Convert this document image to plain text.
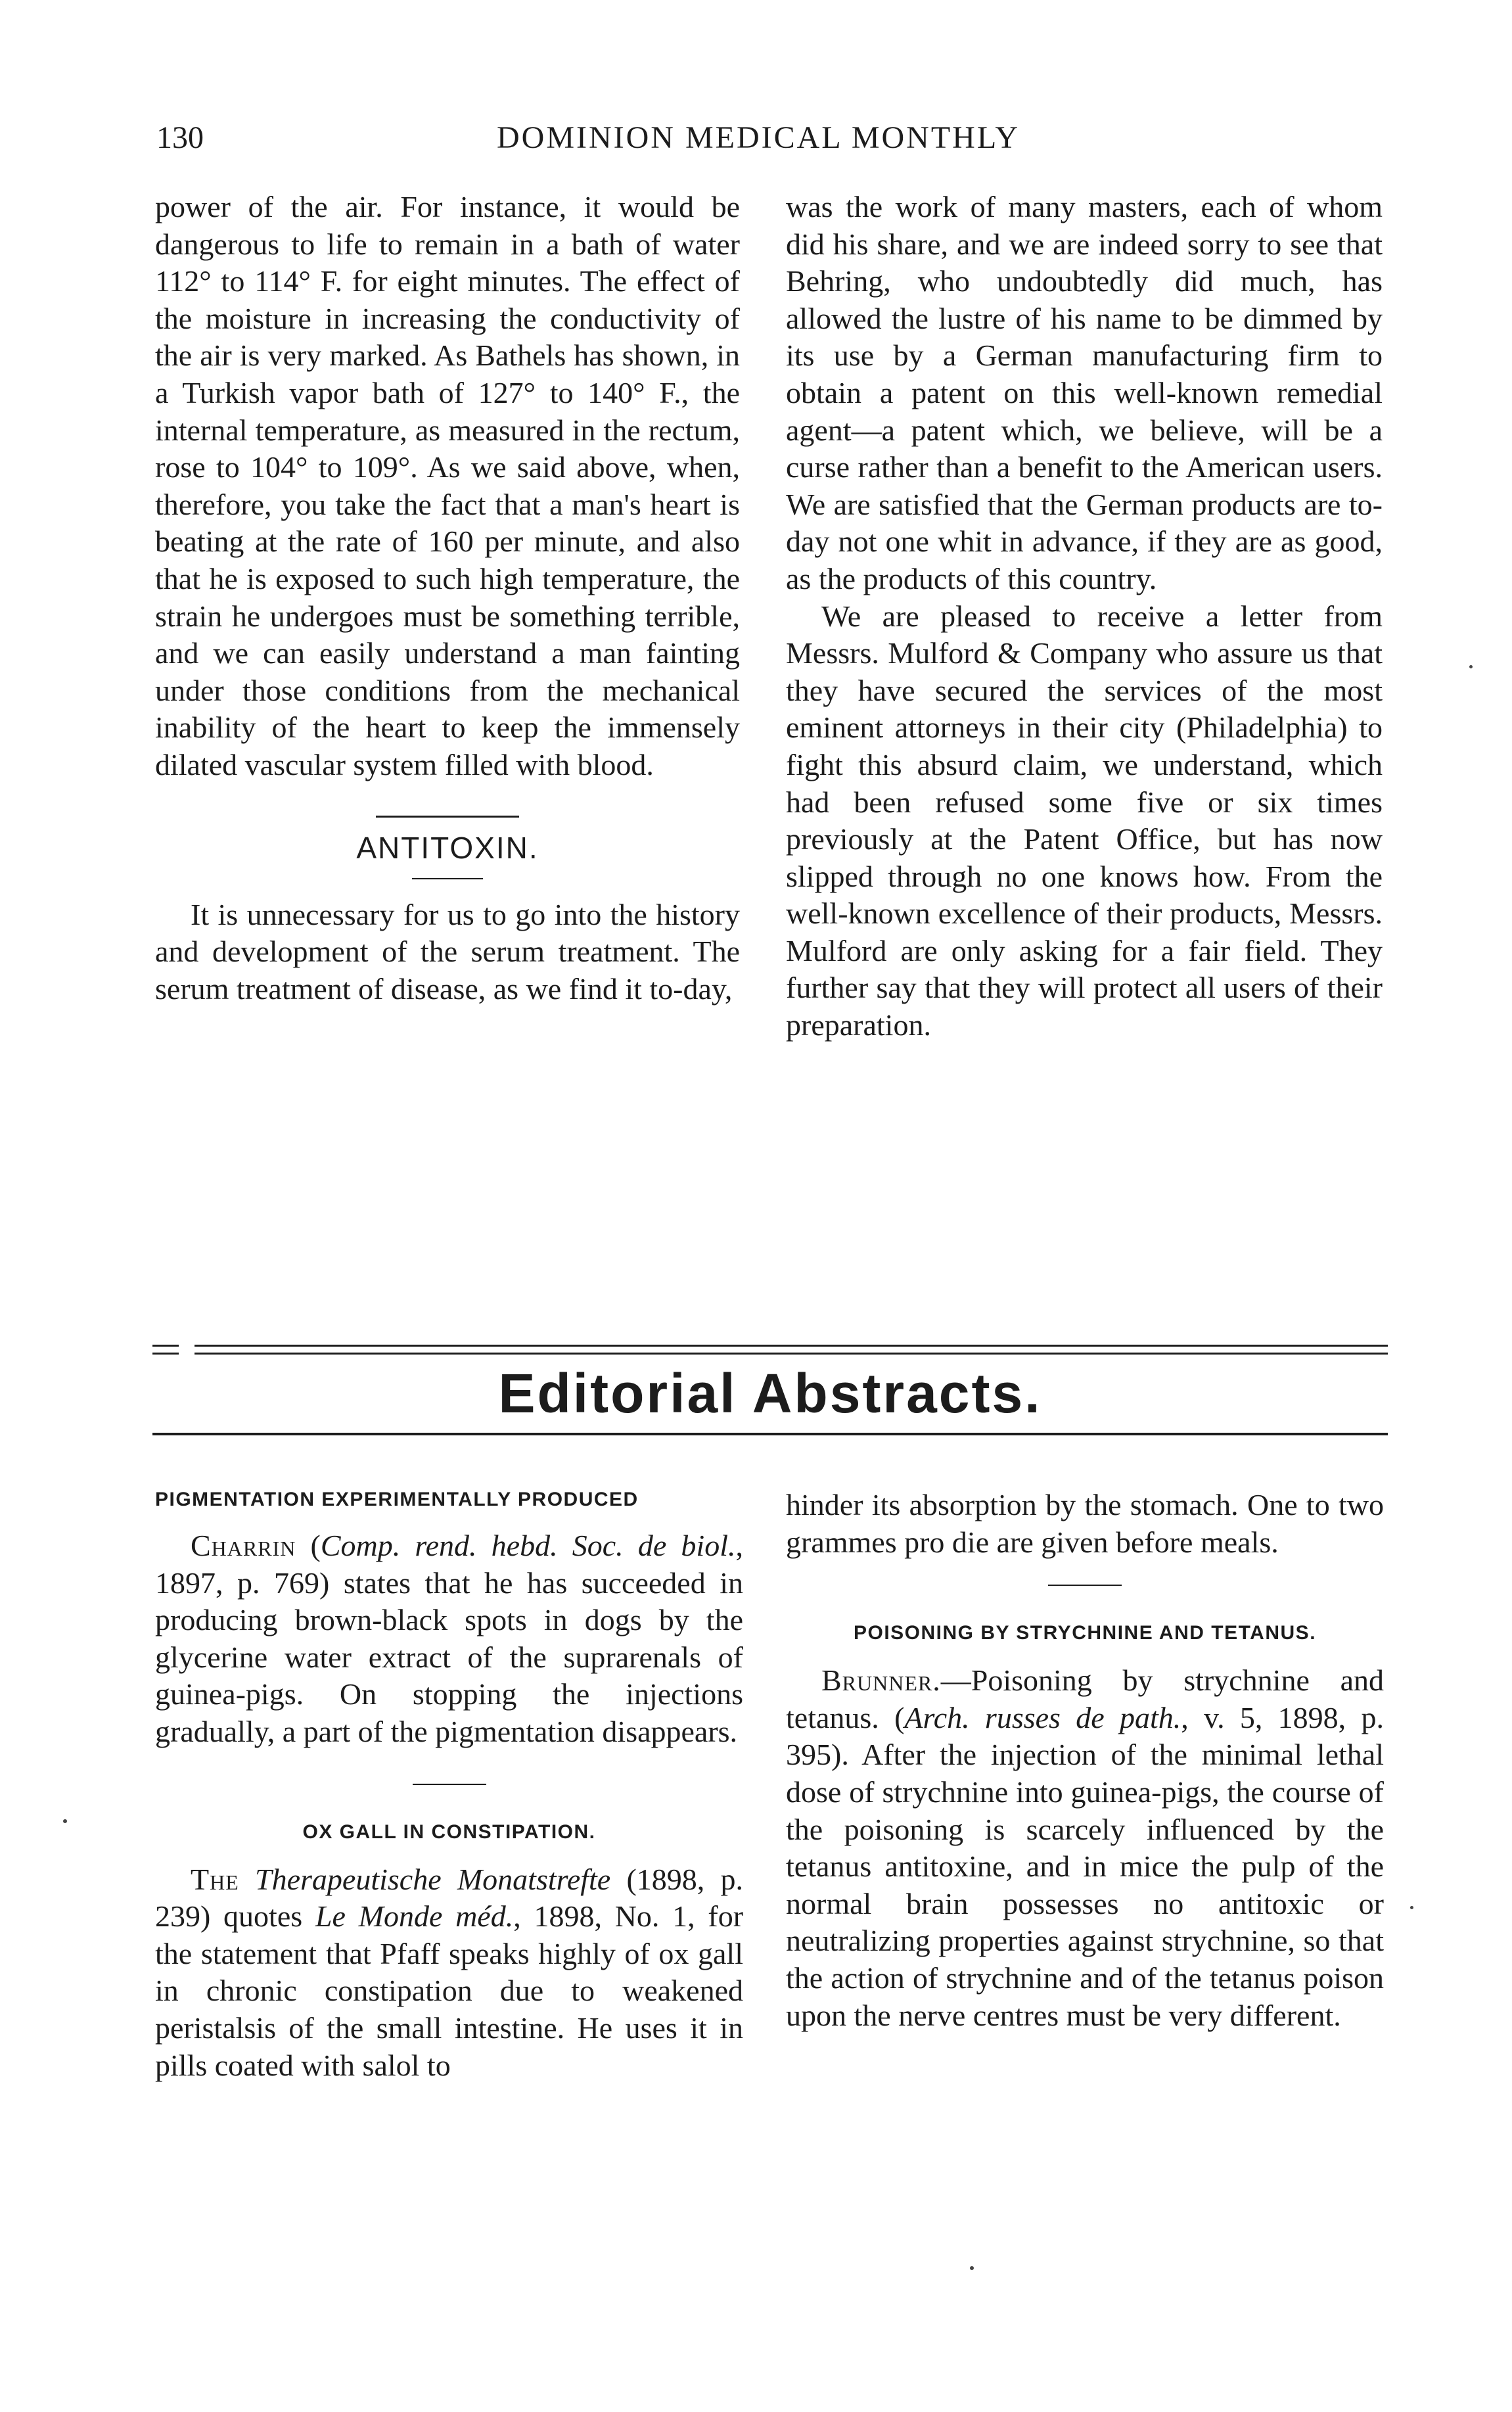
130	DOMINION MEDICAL MONTHLY

power of the air. For instance, it would be dangerous to life to remain in a bath of water 112° to 114° F. for eight minutes. The effect of the moisture in increasing the conductivity of the air is very marked. As Bathels has shown, in a Turkish vapor bath of 127° to 140° F., the internal temperature, as measured in the rectum, rose to 104° to 109°. As we said above, when, therefore, you take the fact that a man's heart is beating at the rate of 160 per minute, and also that he is exposed to such high temperature, the strain he undergoes must be something terrible, and we can easily understand a man fainting under those conditions from the mechanical inability of the heart to keep the immensely dilated vascular system filled with blood.

ANTITOXIN.

It is unnecessary for us to go into the history and development of the serum treatment. The serum treatment of disease, as we find it to-day,

was the work of many masters, each of whom did his share, and we are indeed sorry to see that Behring, who undoubtedly did much, has allowed the lustre of his name to be dimmed by its use by a German manufacturing firm to obtain a patent on this well-known remedial agent—a patent which, we believe, will be a curse rather than a benefit to the American users. We are satisfied that the German products are to-day not one whit in advance, if they are as good, as the products of this country.

We are pleased to receive a letter from Messrs. Mulford & Company who assure us that they have secured the services of the most eminent attorneys in their city (Philadelphia) to fight this absurd claim, we understand, which had been refused some five or six times previously at the Patent Office, but has now slipped through no one knows how. From the well-known excellence of their products, Messrs. Mulford are only asking for a fair field. They further say that they will protect all users of their preparation.

Editorial Abstracts.

PIGMENTATION EXPERIMENTALLY PRODUCED

Charrin (Comp. rend. hebd. Soc. de biol., 1897, p. 769) states that he has succeeded in producing brown-black spots in dogs by the glycerine water extract of the suprarenals of guinea-pigs. On stopping the injections gradually, a part of the pigmentation disappears.

OX GALL IN CONSTIPATION.

The Therapeutische Monatstrefte (1898, p. 239) quotes Le Monde méd., 1898, No. 1, for the statement that Pfaff speaks highly of ox gall in chronic constipation due to weakened peristalsis of the small intestine. He uses it in pills coated with salol to

hinder its absorption by the stomach. One to two grammes pro die are given before meals.

POISONING BY STRYCHNINE AND TETANUS.

Brunner.—Poisoning by strychnine and tetanus. (Arch. russes de path., v. 5, 1898, p. 395). After the injection of the minimal lethal dose of strychnine into guinea-pigs, the course of the poisoning is scarcely influenced by the tetanus antitoxine, and in mice the pulp of the normal brain possesses no antitoxic or neutralizing properties against strychnine, so that the action of strychnine and of the tetanus poison upon the nerve centres must be very different.
